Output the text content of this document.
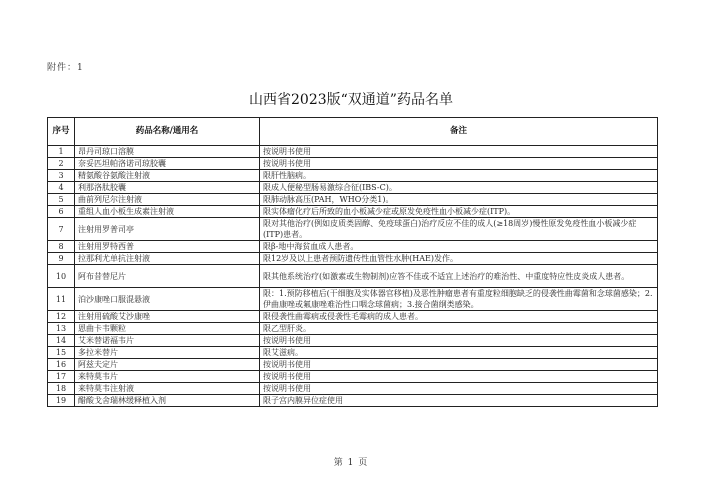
附件：1
山西省2023版“双通道”药品名单
序号	药品名称/通用名	备注
1	昂丹司琼口溶膜	按说明书使用
2	奈妥匹坦帕洛诺司琼胶囊	按说明书使用
3	精氨酸谷氨酸注射液	限肝性脑病。
4	利那洛肽胶囊	限成人便秘型肠易激综合征(IBS-C)。
5	曲前列尼尔注射液	限肺动脉高压(PAH，WHO分类1)。
6	重组人血小板生成素注射液	限实体瘤化疗后所致的血小板减少症或原发免疫性血小板减少症(ITP)。
7	注射用罗普司亭	限对其他治疗(例如皮质类固醇、免疫球蛋白)治疗反应不佳的成人(≥18周岁)慢性原发免疫性血小板减少症(ITP)患者。
8	注射用罗特西普	限β-地中海贫血成人患者。
9	拉那利尤单抗注射液	限12岁及以上患者预防遗传性血管性水肿(HAE)发作。
10	阿布昔替尼片	限其他系统治疗(如激素或生物制剂)应答不佳或不适宜上述治疗的难治性、中重度特应性皮炎成人患者。
11	泊沙康唑口服混悬液	限：1.预防移植后(干细胞及实体器官移植)及恶性肿瘤患者有重度粒细胞缺乏的侵袭性曲霉菌和念球菌感染；2.伊曲康唑或氟康唑难治性口咽念球菌病；3.接合菌纲类感染。
12	注射用硫酸艾沙康唑	限侵袭性曲霉病或侵袭性毛霉病的成人患者。
13	恩曲卡韦颗粒	限乙型肝炎。
14	艾米替诺福韦片	按说明书使用
15	多拉米替片	限艾滋病。
16	阿兹夫定片	按说明书使用
17	来特莫韦片	按说明书使用
18	来特莫韦注射液	按说明书使用
19	醋酸戈舍瑞林缓释植入剂	限子宫内膜异位症使用
第 1 页
